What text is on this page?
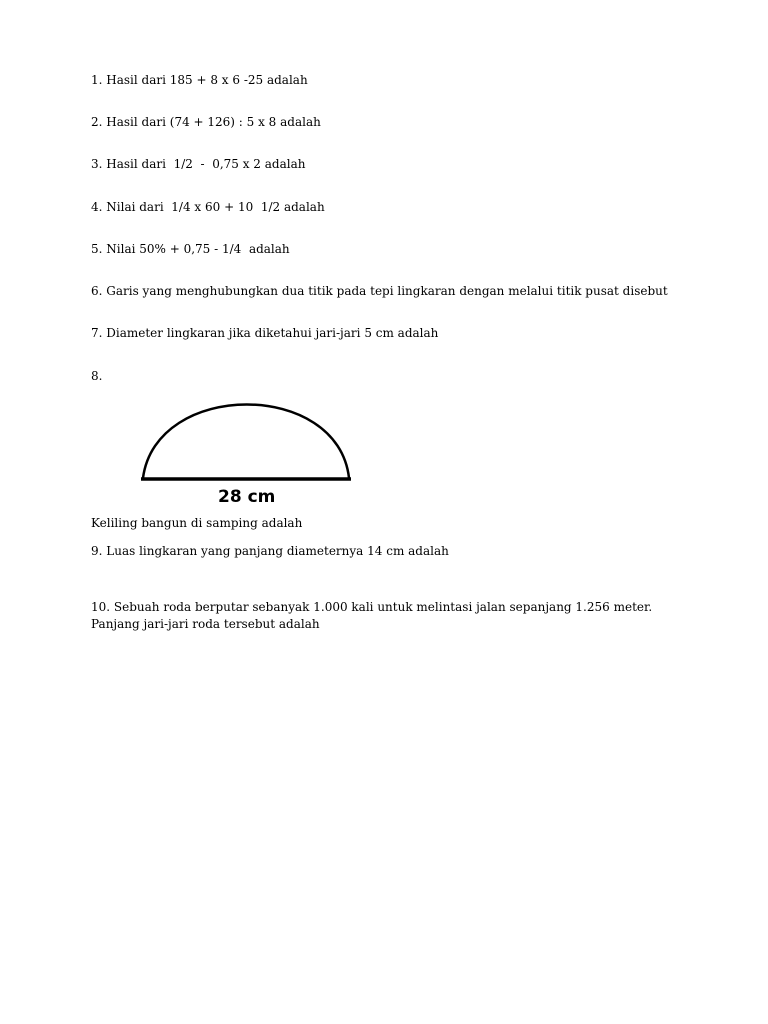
1. Hasil dari 185 + 8 x 6 -25 adalah
2. Hasil dari (74 + 126) : 5 x 8 adalah
3. Hasil dari  1/2  -  0,75 x 2 adalah
4. Nilai dari  1/4 x 60 + 10  1/2 adalah
5. Nilai 50% + 0,75 - 1/4  adalah
6. Garis yang menghubungkan dua titik pada tepi lingkaran dengan melalui titik pusat disebut
7. Diameter lingkaran jika diketahui jari-jari 5 cm adalah
8.
28 cm
Keliling bangun di samping adalah
9. Luas lingkaran yang panjang diameternya 14 cm adalah
10. Sebuah roda berputar sebanyak 1.000 kali untuk melintasi jalan sepanjang 1.256 meter.
Panjang jari-jari roda tersebut adalah
